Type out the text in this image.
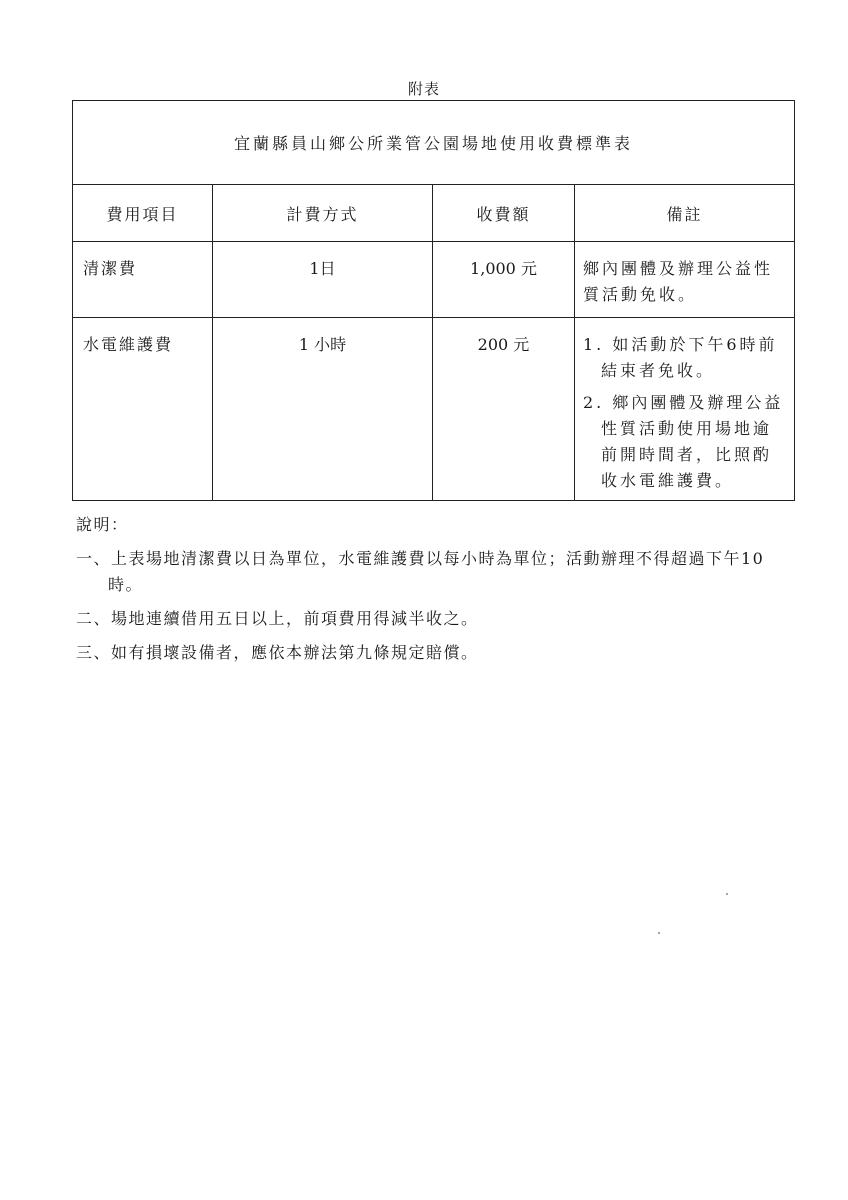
附表
宜蘭縣員山鄉公所業管公園場地使用收費標準表			
費用項目	計費方式	收費額	備註
清潔費	1日	1,000 元	鄉內團體及辦理公益性質活動免收。

水電維護費	1 小時	200 元	1. 如活動於下午6時前結束者免收。
2. 鄉內團體及辦理公益性質活動使用場地逾前開時間者，比照酌收水電維護費。
說明：
一、上表場地清潔費以日為單位，水電維護費以每小時為單位；活動辦理不得超過下午10時。
二、場地連續借用五日以上，前項費用得減半收之。
三、如有損壞設備者，應依本辦法第九條規定賠償。
